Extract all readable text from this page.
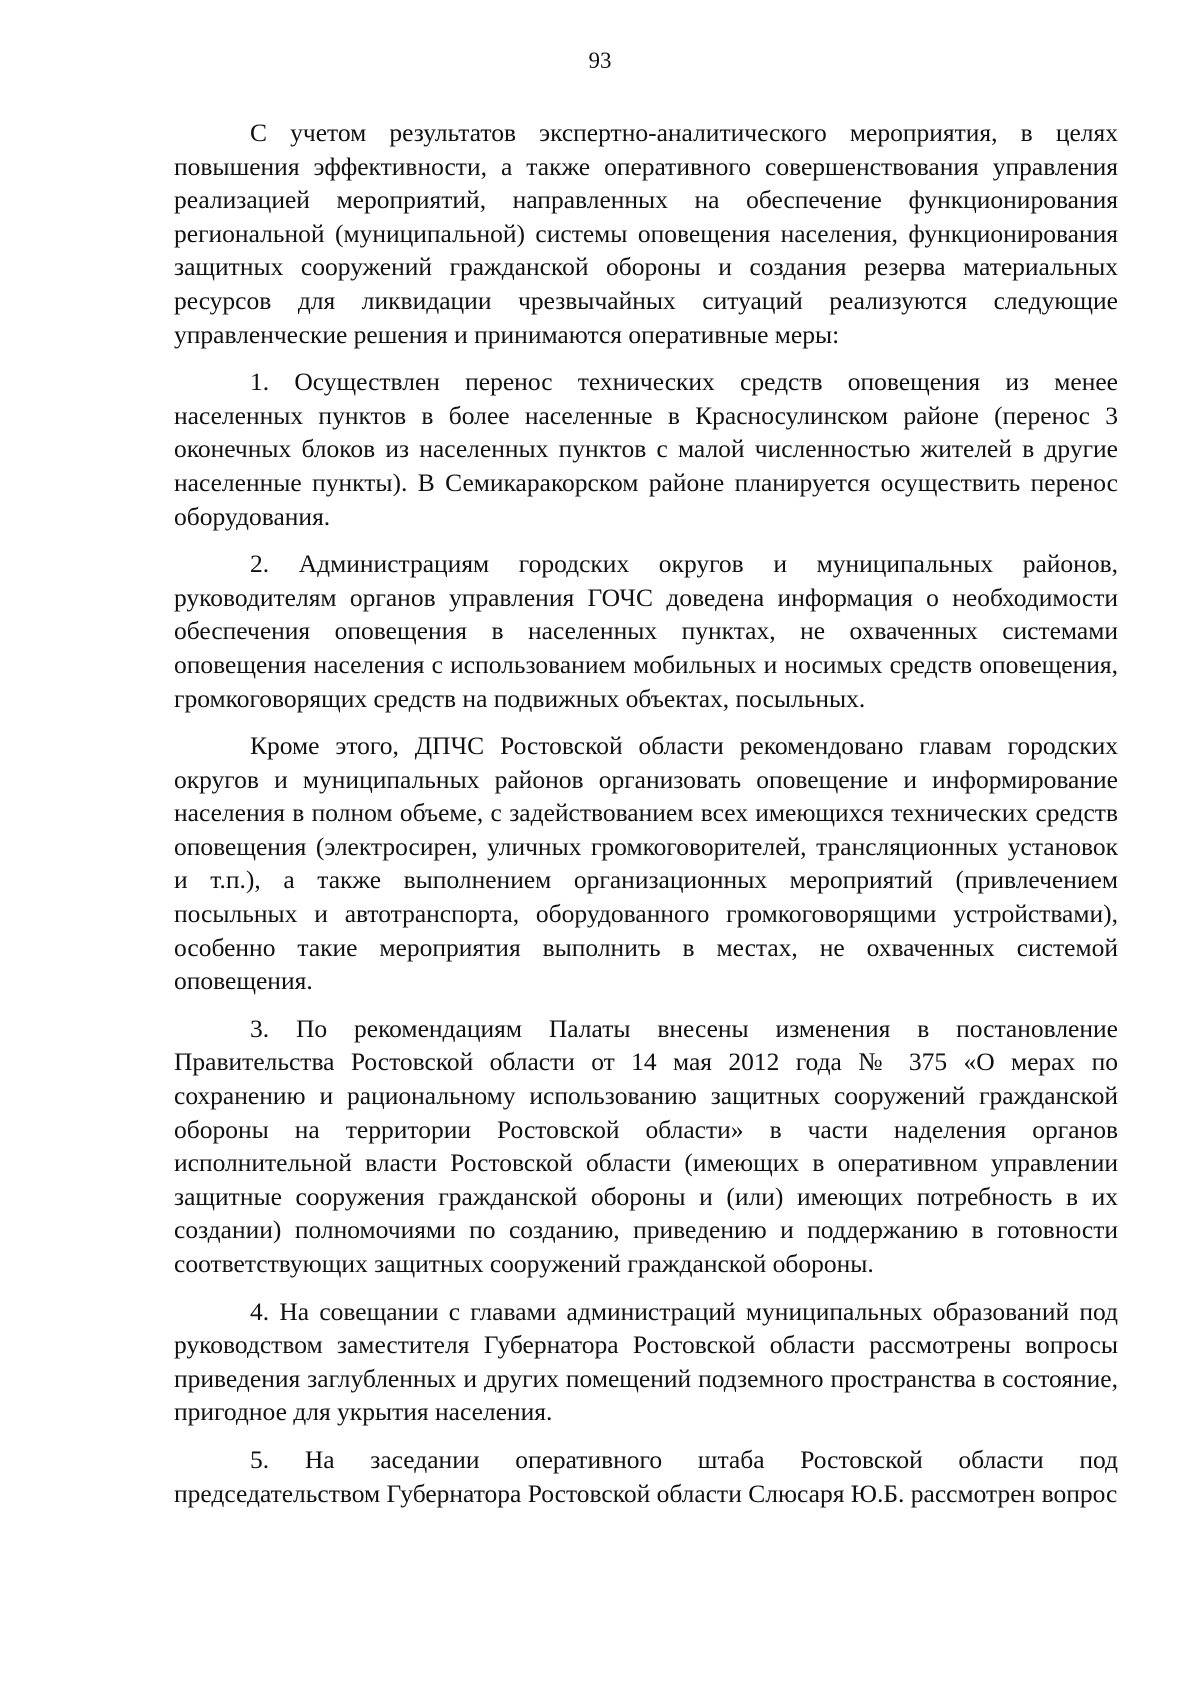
93

С учетом результатов экспертно-аналитического мероприятия, в целях повышения эффективности, а также оперативного совершенствования управления реализацией мероприятий, направленных на обеспечение функционирования региональной (муниципальной) системы оповещения населения, функционирования защитных сооружений гражданской обороны и создания резерва материальных ресурсов для ликвидации чрезвычайных ситуаций реализуются следующие управленческие решения и принимаются оперативные меры:

1. Осуществлен перенос технических средств оповещения из менее населенных пунктов в более населенные в Красносулинском районе (перенос 3 оконечных блоков из населенных пунктов с малой численностью жителей в другие населенные пункты). В Семикаракорском районе планируется осуществить перенос оборудования.

2. Администрациям городских округов и муниципальных районов, руководителям органов управления ГОЧС доведена информация о необходимости обеспечения оповещения в населенных пунктах, не охваченных системами оповещения населения с использованием мобильных и носимых средств оповещения, громкоговорящих средств на подвижных объектах, посыльных.

Кроме этого, ДПЧС Ростовской области рекомендовано главам городских округов и муниципальных районов организовать оповещение и информирование населения в полном объеме, с задействованием всех имеющихся технических средств оповещения (электросирен, уличных громкоговорителей, трансляционных установок и т.п.), а также выполнением организационных мероприятий (привлечением посыльных и автотранспорта, оборудованного громкоговорящими устройствами), особенно такие мероприятия выполнить в местах, не охваченных системой оповещения.

3. По рекомендациям Палаты внесены изменения в постановление Правительства Ростовской области от 14 мая 2012 года № 375 «О мерах по сохранению и рациональному использованию защитных сооружений гражданской обороны на территории Ростовской области» в части наделения органов исполнительной власти Ростовской области (имеющих в оперативном управлении защитные сооружения гражданской обороны и (или) имеющих потребность в их создании) полномочиями по созданию, приведению и поддержанию в готовности соответствующих защитных сооружений гражданской обороны.

4. На совещании с главами администраций муниципальных образований под руководством заместителя Губернатора Ростовской области рассмотрены вопросы приведения заглубленных и других помещений подземного пространства в состояние, пригодное для укрытия населения.

5. На заседании оперативного штаба Ростовской области под председательством Губернатора Ростовской области Слюсаря Ю.Б. рассмотрен вопрос
